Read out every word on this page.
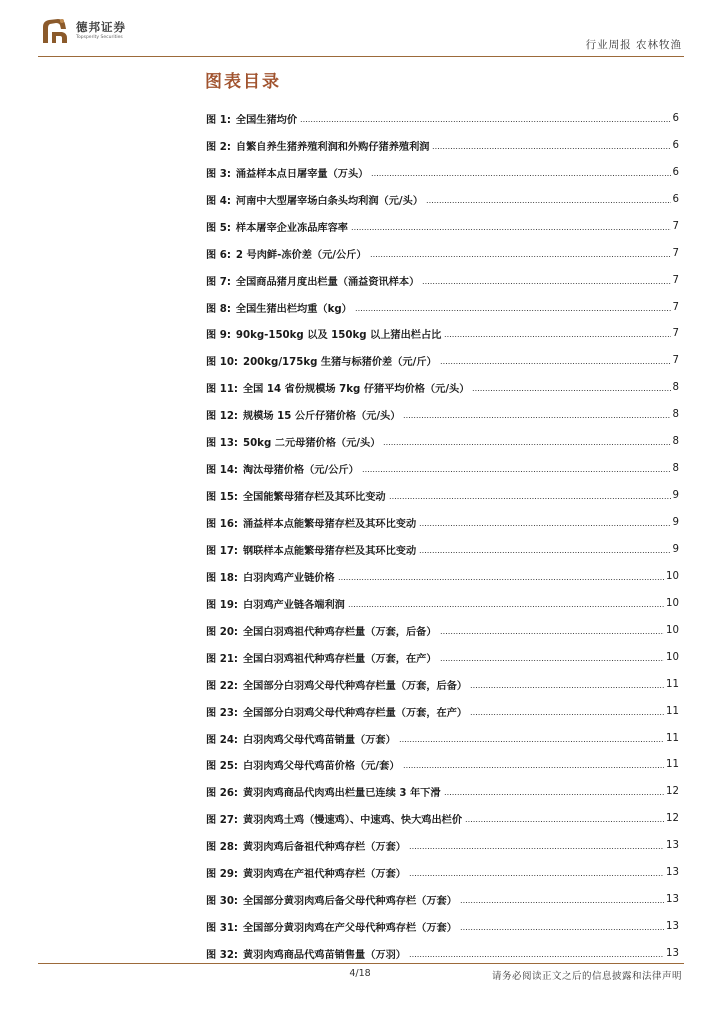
德邦证券
Topsperity Securities
行业周报 农林牧渔
图表目录
图 1: 全国生猪均价	6
图 2: 自繁自养生猪养殖利润和外购仔猪养殖利润	6
图 3: 涌益样本点日屠宰量（万头）	6
图 4: 河南中大型屠宰场白条头均利润（元/头）	6
图 5: 样本屠宰企业冻品库容率	7
图 6: 2 号肉鲜-冻价差（元/公斤）	7
图 7: 全国商品猪月度出栏量（涌益资讯样本）	7
图 8: 全国生猪出栏均重（kg）	7
图 9: 90kg-150kg 以及 150kg 以上猪出栏占比	7
图 10: 200kg/175kg 生猪与标猪价差（元/斤）	7
图 11: 全国 14 省份规模场 7kg 仔猪平均价格（元/头）	8
图 12: 规模场 15 公斤仔猪价格（元/头）	8
图 13: 50kg 二元母猪价格（元/头）	8
图 14: 淘汰母猪价格（元/公斤）	8
图 15: 全国能繁母猪存栏及其环比变动	9
图 16: 涌益样本点能繁母猪存栏及其环比变动	9
图 17: 钢联样本点能繁母猪存栏及其环比变动	9
图 18: 白羽肉鸡产业链价格	10
图 19: 白羽鸡产业链各端利润	10
图 20: 全国白羽鸡祖代种鸡存栏量（万套，后备）	10
图 21: 全国白羽鸡祖代种鸡存栏量（万套，在产）	10
图 22: 全国部分白羽鸡父母代种鸡存栏量（万套，后备）	11
图 23: 全国部分白羽鸡父母代种鸡存栏量（万套，在产）	11
图 24: 白羽肉鸡父母代鸡苗销量（万套）	11
图 25: 白羽肉鸡父母代鸡苗价格（元/套）	11
图 26: 黄羽肉鸡商品代肉鸡出栏量已连续 3 年下滑	12
图 27: 黄羽肉鸡土鸡（慢速鸡）、中速鸡、快大鸡出栏价	12
图 28: 黄羽肉鸡后备祖代种鸡存栏（万套）	13
图 29: 黄羽肉鸡在产祖代种鸡存栏（万套）	13
图 30: 全国部分黄羽肉鸡后备父母代种鸡存栏（万套）	13
图 31: 全国部分黄羽肉鸡在产父母代种鸡存栏（万套）	13
图 32: 黄羽肉鸡商品代鸡苗销售量（万羽）	13
4/18	请务必阅读正文之后的信息披露和法律声明
